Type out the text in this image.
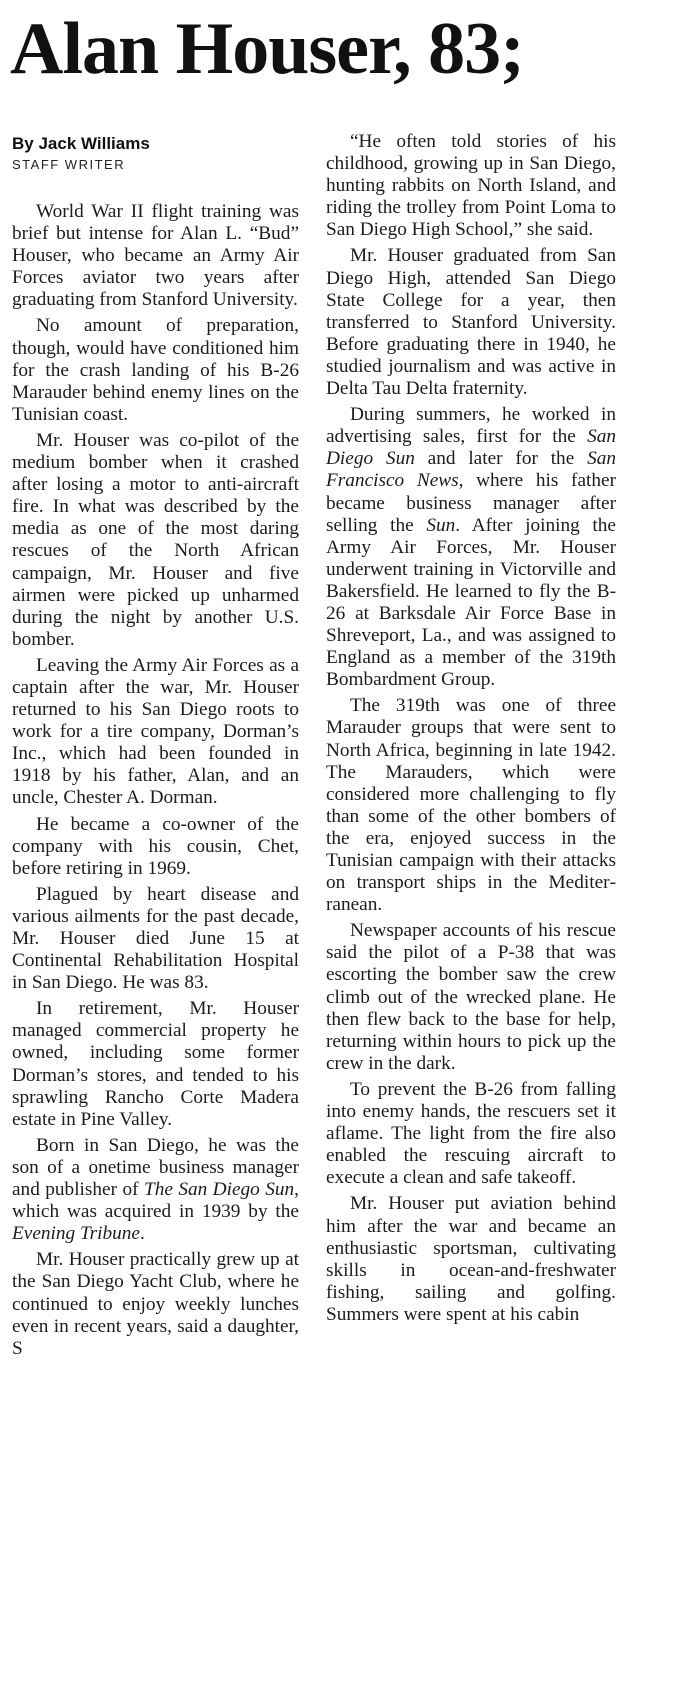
Alan Houser, 83;
By Jack Williams
STAFF WRITER

World War II flight training was brief but intense for Alan L. “Bud” Houser, who became an Army Air Forces aviator two years after graduating from Stanford University.

No amount of preparation, though, would have conditioned him for the crash landing of his B-26 Marauder behind enemy lines on the Tunisian coast.

Mr. Houser was co-pilot of the medium bomber when it crashed after losing a motor to anti-aircraft fire. In what was described by the media as one of the most daring rescues of the North African campaign, Mr. Houser and five airmen were picked up unharmed during the night by another U.S. bomber.

Leaving the Army Air Forces as a captain after the war, Mr. Houser returned to his San Diego roots to work for a tire company, Dorman’s Inc., which had been founded in 1918 by his father, Alan, and an uncle, Chester A. Dorman.

He became a co-owner of the company with his cousin, Chet, before retiring in 1969.

Plagued by heart disease and various ailments for the past decade, Mr. Houser died June 15 at Continental Rehabilitation Hospital in San Diego. He was 83.

In retirement, Mr. Houser managed commercial property he owned, including some former Dorman’s stores, and tended to his sprawling Rancho Corte Madera estate in Pine Valley.

Born in San Diego, he was the son of a onetime business manager and publisher of The San Diego Sun, which was acquired in 1939 by the Evening Tribune.

Mr. Houser practically grew up at the San Diego Yacht Club, where he continued to enjoy weekly lunches even in recent years, said a daughter, S

“He often told stories of his childhood, growing up in San Diego, hunting rabbits on North Island, and riding the trolley from Point Loma to San Diego High School,” she said.

Mr. Houser graduated from San Diego High, attended San Diego State College for a year, then transferred to Stanford University. Before graduating there in 1940, he studied journalism and was active in Delta Tau Delta fraternity.

During summers, he worked in advertising sales, first for the San Diego Sun and later for the San Francisco News, where his father became business manager after selling the Sun. After joining the Army Air Forces, Mr. Houser underwent training in Victorville and Bakersfield. He learned to fly the B-26 at Barksdale Air Force Base in Shreveport, La., and was assigned to England as a member of the 319th Bombardment Group.

The 319th was one of three Marauder groups that were sent to North Africa, beginning in late 1942. The Marauders, which were considered more challenging to fly than some of the other bombers of the era, enjoyed success in the Tunisian campaign with their attacks on transport ships in the Mediterranean.

Newspaper accounts of his rescue said the pilot of a P-38 that was escorting the bomber saw the crew climb out of the wrecked plane. He then flew back to the base for help, returning within hours to pick up the crew in the dark.

To prevent the B-26 from falling into enemy hands, the rescuers set it aflame. The light from the fire also enabled the rescuing aircraft to execute a clean and safe takeoff.

Mr. Houser put aviation behind him after the war and became an enthusiastic sportsman, cultivating skills in ocean-and-freshwater fishing, sailing and golfing. Summers were spent at his cabin
